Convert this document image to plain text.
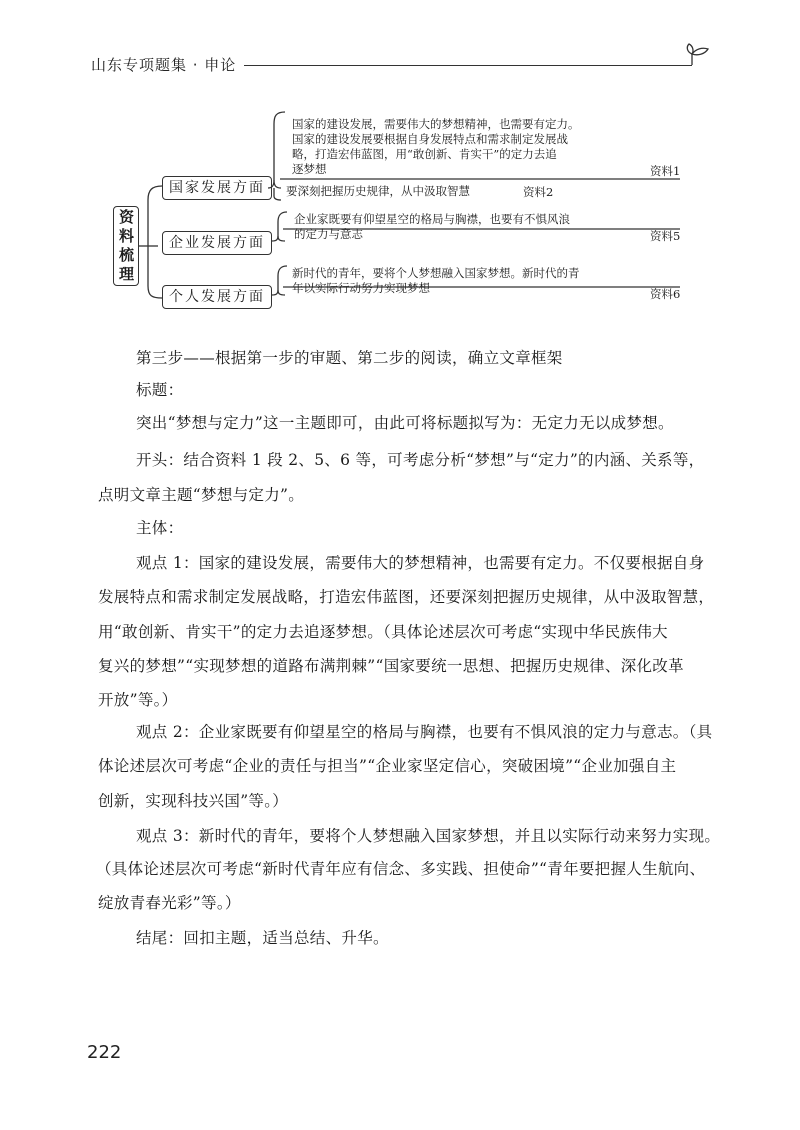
山东专项题集 · 申论
资料梳理
国家发展方面
国家的建设发展，需要伟大的梦想精神，也需要有定力。
国家的建设发展要根据自身发展特点和需求制定发展战
略，打造宏伟蓝图，用“敢创新、肯实干”的定力去追
逐梦想	资料1
要深刻把握历史规律，从中汲取智慧	资料2
企业发展方面
企业家既要有仰望星空的格局与胸襟，也要有不惧风浪
的定力与意志	资料5
个人发展方面
新时代的青年，要将个人梦想融入国家梦想。新时代的青
年以实际行动努力实现梦想	资料6
第三步——根据第一步的审题、第二步的阅读，确立文章框架
标题：
突出“梦想与定力”这一主题即可，由此可将标题拟写为：无定力无以成梦想。
开头：结合资料 1 段 2、5、6 等，可考虑分析“梦想”与“定力”的内涵、关系等，
点明文章主题“梦想与定力”。
主体：
观点 1：国家的建设发展，需要伟大的梦想精神，也需要有定力。不仅要根据自身
发展特点和需求制定发展战略，打造宏伟蓝图，还要深刻把握历史规律，从中汲取智慧，
用“敢创新、肯实干”的定力去追逐梦想。（具体论述层次可考虑“实现中华民族伟大
复兴的梦想”“实现梦想的道路布满荆棘”“国家要统一思想、把握历史规律、深化改革
开放”等。）
观点 2：企业家既要有仰望星空的格局与胸襟，也要有不惧风浪的定力与意志。（具
体论述层次可考虑“企业的责任与担当”“企业家坚定信心，突破困境”“企业加强自主
创新，实现科技兴国”等。）
观点 3：新时代的青年，要将个人梦想融入国家梦想，并且以实际行动来努力实现。
（具体论述层次可考虑“新时代青年应有信念、多实践、担使命”“青年要把握人生航向、
绽放青春光彩”等。）
结尾：回扣主题，适当总结、升华。
222
